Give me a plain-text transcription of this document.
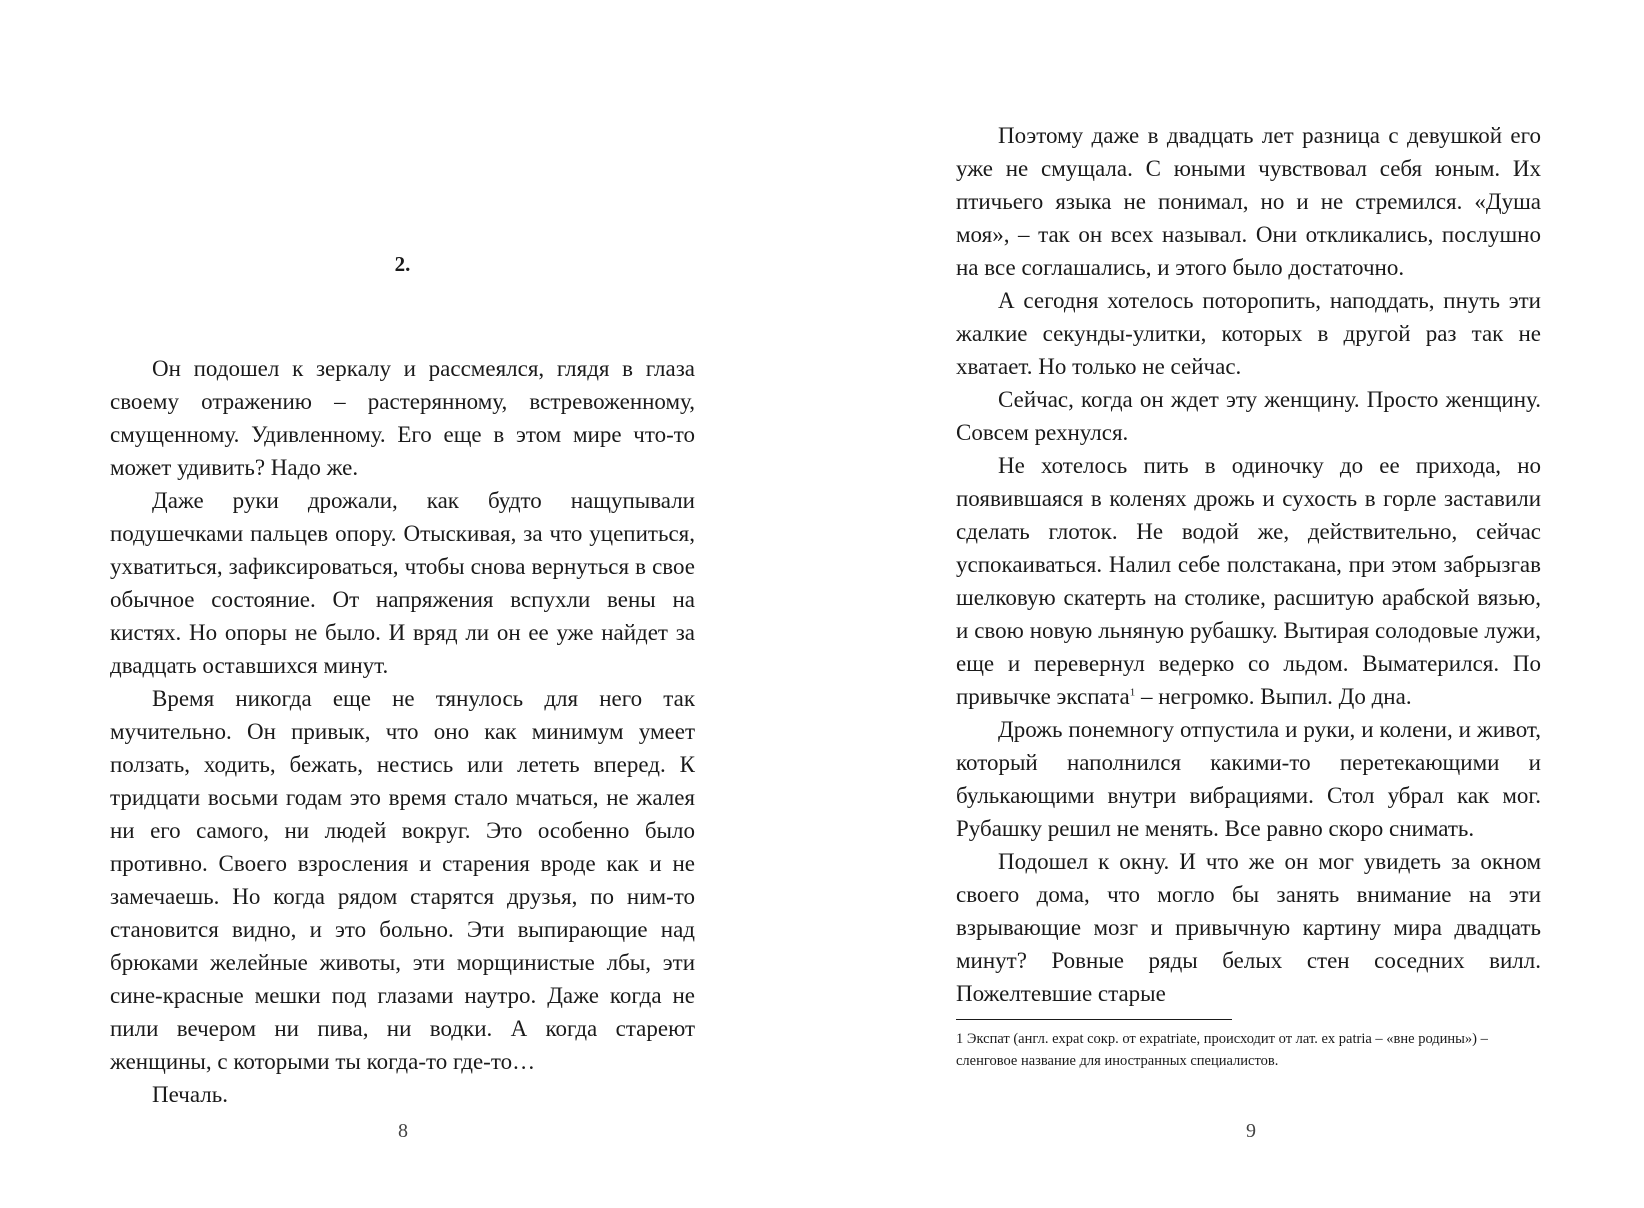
2.

Он подошел к зеркалу и рассмеялся, глядя в глаза своему отражению – растерянному, встревоженному, смущенному. Удивленному. Его еще в этом мире что-то может удивить? Надо же.

Даже руки дрожали, как будто нащупывали подушечками пальцев опору. Отыскивая, за что уцепиться, ухватиться, зафиксироваться, чтобы снова вернуться в свое обычное состояние. От напряжения вспухли вены на кистях. Но опоры не было. И вряд ли он ее уже найдет за двадцать оставшихся минут.

Время никогда еще не тянулось для него так мучительно. Он привык, что оно как минимум умеет ползать, ходить, бежать, нестись или лететь вперед. К тридцати восьми годам это время стало мчаться, не жалея ни его самого, ни людей вокруг. Это особенно было противно. Своего взросления и старения вроде как и не замечаешь. Но когда рядом старятся друзья, по ним-то становится видно, и это больно. Эти выпирающие над брюками желейные животы, эти морщинистые лбы, эти сине-красные мешки под глазами наутро. Даже когда не пили вечером ни пива, ни водки. А когда стареют женщины, с которыми ты когда-то где-то…

Печаль.

8

Поэтому даже в двадцать лет разница с девушкой его уже не смущала. С юными чувствовал себя юным. Их птичьего языка не понимал, но и не стремился. «Душа моя», – так он всех называл. Они откликались, послушно на все соглашались, и этого было достаточно.

А сегодня хотелось поторопить, наподдать, пнуть эти жалкие секунды-улитки, которых в другой раз так не хватает. Но только не сейчас.

Сейчас, когда он ждет эту женщину. Просто женщину. Совсем рехнулся.

Не хотелось пить в одиночку до ее прихода, но появившаяся в коленях дрожь и сухость в горле заставили сделать глоток. Не водой же, действительно, сейчас успокаиваться. Налил себе полстакана, при этом забрызгав шелковую скатерть на столике, расшитую арабской вязью, и свою новую льняную рубашку. Вытирая солодовые лужи, еще и перевернул ведерко со льдом. Выматерился. По привычке экспата$^1$ – негромко. Выпил. До дна.

Дрожь понемногу отпустила и руки, и колени, и живот, который наполнился какими-то перетекающими и булькающими внутри вибрациями. Стол убрал как мог. Рубашку решил не менять. Все равно скоро снимать.

Подошел к окну. И что же он мог увидеть за окном своего дома, что могло бы занять внимание на эти взрывающие мозг и привычную картину мира двадцать минут? Ровные ряды белых стен соседних вилл. Пожелтевшие старые

1 Экспат (англ. expat сокр. от expatriate, происходит от лат. ex patria – «вне родины») – сленговое название для иностранных специалистов.
9
